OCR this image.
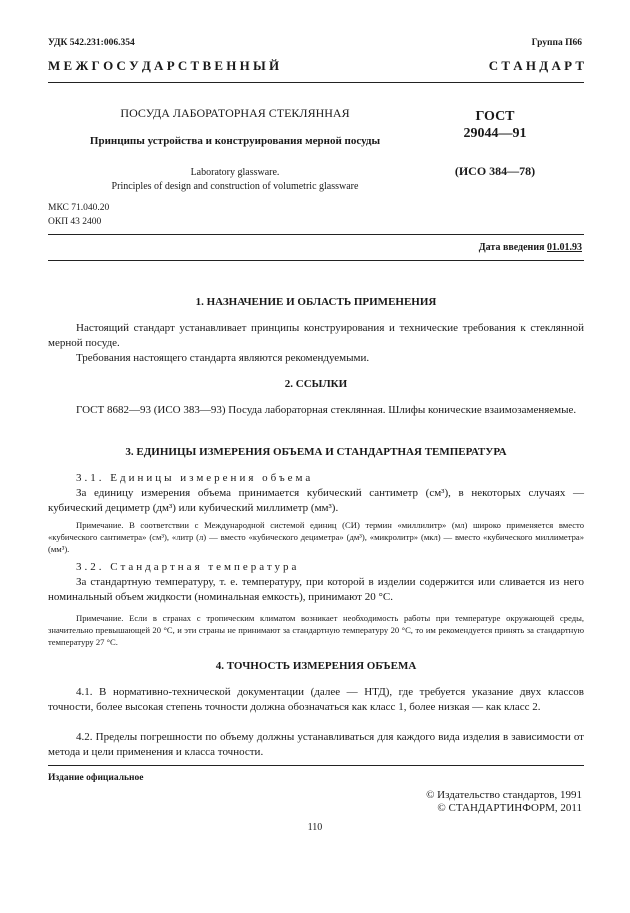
УДК 542.231:006.354	Группа П66
М Е Ж Г О С У Д А Р С Т В Е Н Н Ы Й	С Т А Н Д А Р Т
ПОСУДА ЛАБОРАТОРНАЯ СТЕКЛЯННАЯ
Принципы устройства и конструирования мерной посуды
Laboratory glassware.
Principles of design and construction of volumetric glassware
ГОСТ
29044—91
(ИСО 384—78)
МКС 71.040.20
ОКП 43 2400
Дата введения 01.01.93
1. НАЗНАЧЕНИЕ И ОБЛАСТЬ ПРИМЕНЕНИЯ
Настоящий стандарт устанавливает принципы конструирования и технические требования к стеклянной мерной посуде.
Требования настоящего стандарта являются рекомендуемыми.
2. ССЫЛКИ
ГОСТ 8682—93 (ИСО 383—93) Посуда лабораторная стеклянная. Шлифы конические взаимозаменяемые.
3. ЕДИНИЦЫ ИЗМЕРЕНИЯ ОБЪЕМА И СТАНДАРТНАЯ ТЕМПЕРАТУРА
3.1. Единицы измерения объема
За единицу измерения объема принимается кубический сантиметр (см³), в некоторых случаях — кубический дециметр (дм³) или кубический миллиметр (мм³).
Примечание. В соответствии с Международной системой единиц (СИ) термин «миллилитр» (мл) широко применяется вместо «кубического сантиметра» (см³), «литр (л) — вместо «кубического дециметра» (дм³), «микролитр» (мкл) — вместо «кубического миллиметра» (мм³).
3.2. Стандартная температура
За стандартную температуру, т. е. температуру, при которой в изделии содержится или сливается из него номинальный объем жидкости (номинальная емкость), принимают 20 °С.
Примечание. Если в странах с тропическим климатом возникает необходимость работы при температуре окружающей среды, значительно превышающей 20 °С, и эти страны не принимают за стандартную температуру 20 °С, то им рекомендуется принять за стандартную температуру 27 °С.
4. ТОЧНОСТЬ ИЗМЕРЕНИЯ ОБЪЕМА
4.1. В нормативно-технической документации (далее — НТД), где требуется указание двух классов точности, более высокая степень точности должна обозначаться как класс 1, более низкая — как класс 2.
4.2. Пределы погрешности по объему должны устанавливаться для каждого вида изделия в зависимости от метода и цели применения и класса точности.
Издание официальное
© Издательство стандартов, 1991
© СТАНДАРТИНФОРМ, 2011
110
